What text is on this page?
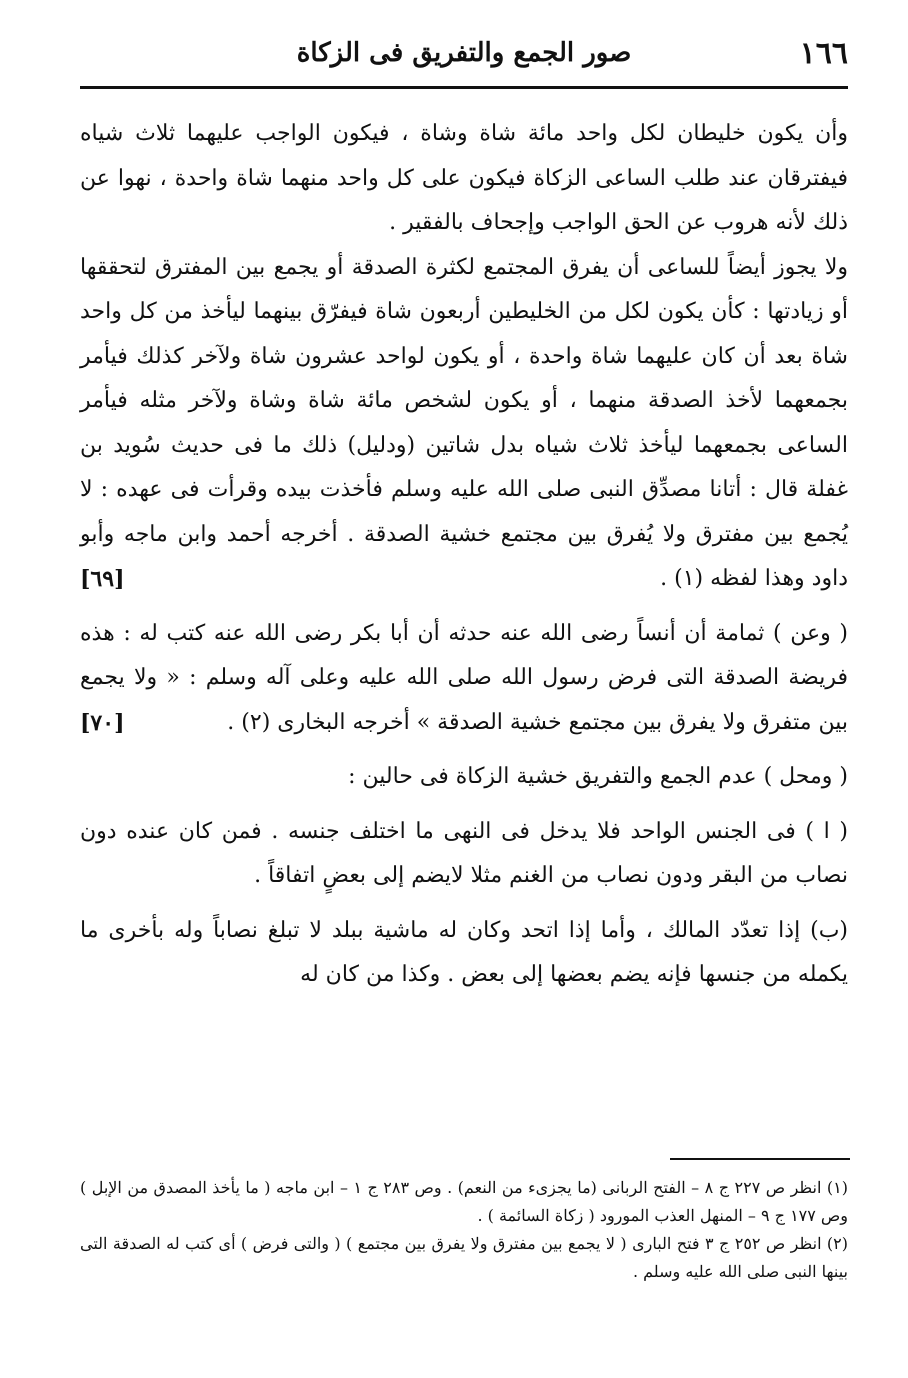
١٦٦
صور الجمع والتفريق فى الزكاة

وأن يكون خليطان لكل واحد مائة شاة وشاة ، فيكون الواجب عليهما ثلاث شياه فيفترقان عند طلب الساعى الزكاة فيكون على كل واحد منهما شاة واحدة ، نهوا عن ذلك لأنه هروب عن الحق الواجب وإجحاف بالفقير .

ولا يجوز أيضاً للساعى أن يفرق المجتمع لكثرة الصدقة أو يجمع بين المفترق لتحققها أو زيادتها : كأن يكون لكل من الخليطين أربعون شاة فيفرّق بينهما ليأخذ من كل واحد شاة بعد أن كان عليهما شاة واحدة ، أو يكون لواحد عشرون شاة ولآخر كذلك فيأمر بجمعهما لأخذ الصدقة منهما ، أو يكون لشخص مائة شاة وشاة ولآخر مثله فيأمر الساعى بجمعهما ليأخذ ثلاث شياه بدل شاتين (ودليل) ذلك ما فى حديث سُويد بن غفلة قال : أتانا مصدِّق النبى صلى الله عليه وسلم فأخذت بيده وقرأت فى عهده : لا يُجمع بين مفترق ولا يُفرق بين مجتمع خشية الصدقة . أخرجه أحمد وابن ماجه وأبو داود وهذا لفظه (١) .
[٦٩]

( وعن ) ثمامة أن أنساً رضى الله عنه حدثه أن أبا بكر رضى الله عنه كتب له : هذه فريضة الصدقة التى فرض رسول الله صلى الله عليه وعلى آله وسلم : « ولا يجمع بين متفرق ولا يفرق بين مجتمع خشية الصدقة » أخرجه البخارى (٢) .
[٧٠]

( ومحل ) عدم الجمع والتفريق خشية الزكاة فى حالين :

( ا ) فى الجنس الواحد فلا يدخل فى النهى ما اختلف جنسه . فمن كان عنده دون نصاب من البقر ودون نصاب من الغنم مثلا لايضم إلى بعضٍ اتفاقاً .

(ب) إذا تعدّد المالك ، وأما إذا اتحد وكان له ماشية ببلد لا تبلغ نصاباً وله بأخرى ما يكمله من جنسها فإنه يضم بعضها إلى بعض . وكذا من كان له

(١) انظر ص ٢٢٧ ج ٨ – الفتح الربانى (ما يجزىء من النعم) . وص ٢٨٣ ج ١ – ابن ماجه ( ما يأخذ المصدق من الإبل ) وص ١٧٧ ج ٩ – المنهل العذب المورود ( زكاة السائمة ) .

(٢) انظر ص ٢٥٢ ج ٣ فتح البارى ( لا يجمع بين مفترق ولا يفرق بين مجتمع ) ( والتى فرض ) أى كتب له الصدقة التى بينها النبى صلى الله عليه وسلم .
